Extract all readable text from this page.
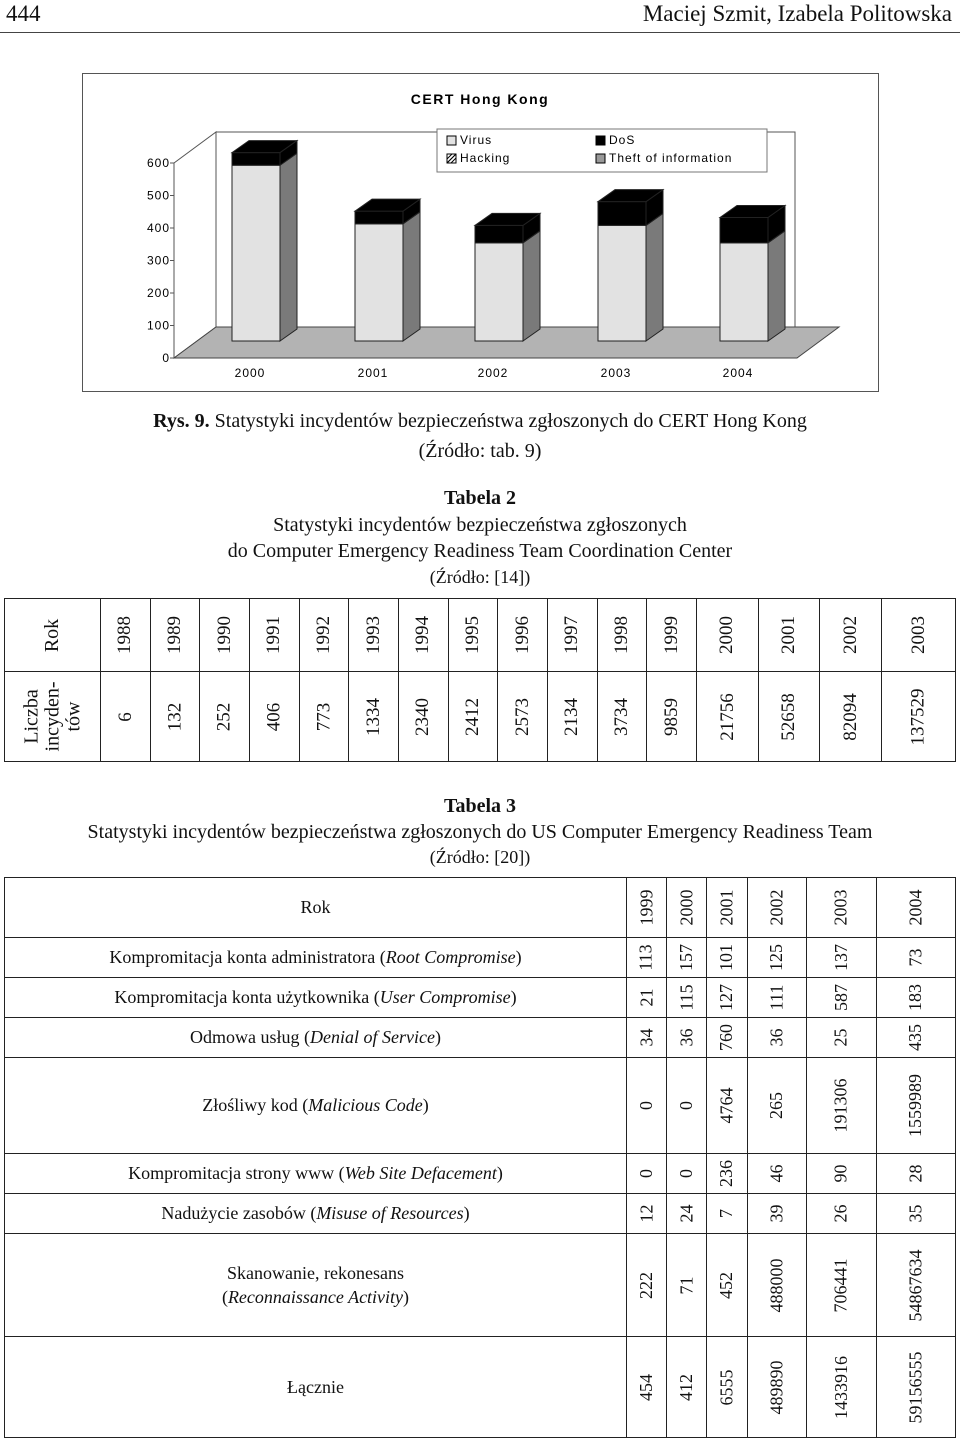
444	Maciej Szmit, Izabela Politowska
CERT Hong Kong
0
100
200
300
400
500
600
2000	2001	2002	2003	2004
Virus	DoS
Hacking	Theft of information
Rys. 9. Statystyki incydentów bezpieczeństwa zgłoszonych do CERT Hong Kong
(Źródło: tab. 9)
Tabela 2
Statystyki incydentów bezpieczeństwa zgłoszonych
do Computer Emergency Readiness Team Coordination Center
(Źródło: [14])
Rok	1988	1989	1990	1991	1992	1993	1994	1995	1996	1997	1998	1999	2000	2001	2002	2003

Liczba incyden- tów	6	132	252	406	773	1334	2340	2412	2573	2134	3734	9859	21756	52658	82094	137529
Tabela 3
Statystyki incydentów bezpieczeństwa zgłoszonych do US Computer Emergency Readiness Team
(Źródło: [20])
Rok	1999	2000	2001	2002	2003	2004
Kompromitacja konta administratora (Root Compromise)	113	157	101	125	137	73
Kompromitacja konta użytkownika (User Compromise)	21	115	127	111	587	183
Odmowa usług (Denial of Service)	34	36	760	36	25	435
Złośliwy kod (Malicious Code)	0	0	4764	265	191306	1559989
Kompromitacja strony www (Web Site Defacement)	0	0	236	46	90	28
Nadużycie zasobów (Misuse of Resources)	12	24	7	39	26	35
Skanowanie, rekonesans
(Reconnaissance Activity)	222	71	452	488000	706441	54867634
Łącznie	454	412	6555	489890	1433916	59156555
